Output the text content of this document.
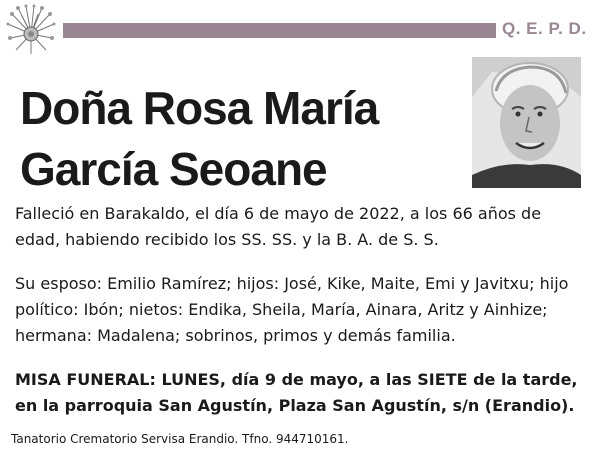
Q. E. P. D.
Doña Rosa María
García Seoane
Falleció en Barakaldo, el día 6 de mayo de 2022, a los 66 años de edad, habiendo recibido los SS. SS. y la B. A. de S. S.
Su esposo: Emilio Ramírez; hijos: José, Kike, Maite, Emi y Javitxu; hijo político: Ibón; nietos: Endika, Sheila, María, Ainara, Aritz y Ainhize; hermana: Madalena; sobrinos, primos y demás familia.
MISA FUNERAL: LUNES, día 9 de mayo, a las SIETE de la tarde, en la parroquia San Agustín, Plaza San Agustín, s/n (Erandio).
Tanatorio Crematorio Servisa Erandio. Tfno. 944710161.
